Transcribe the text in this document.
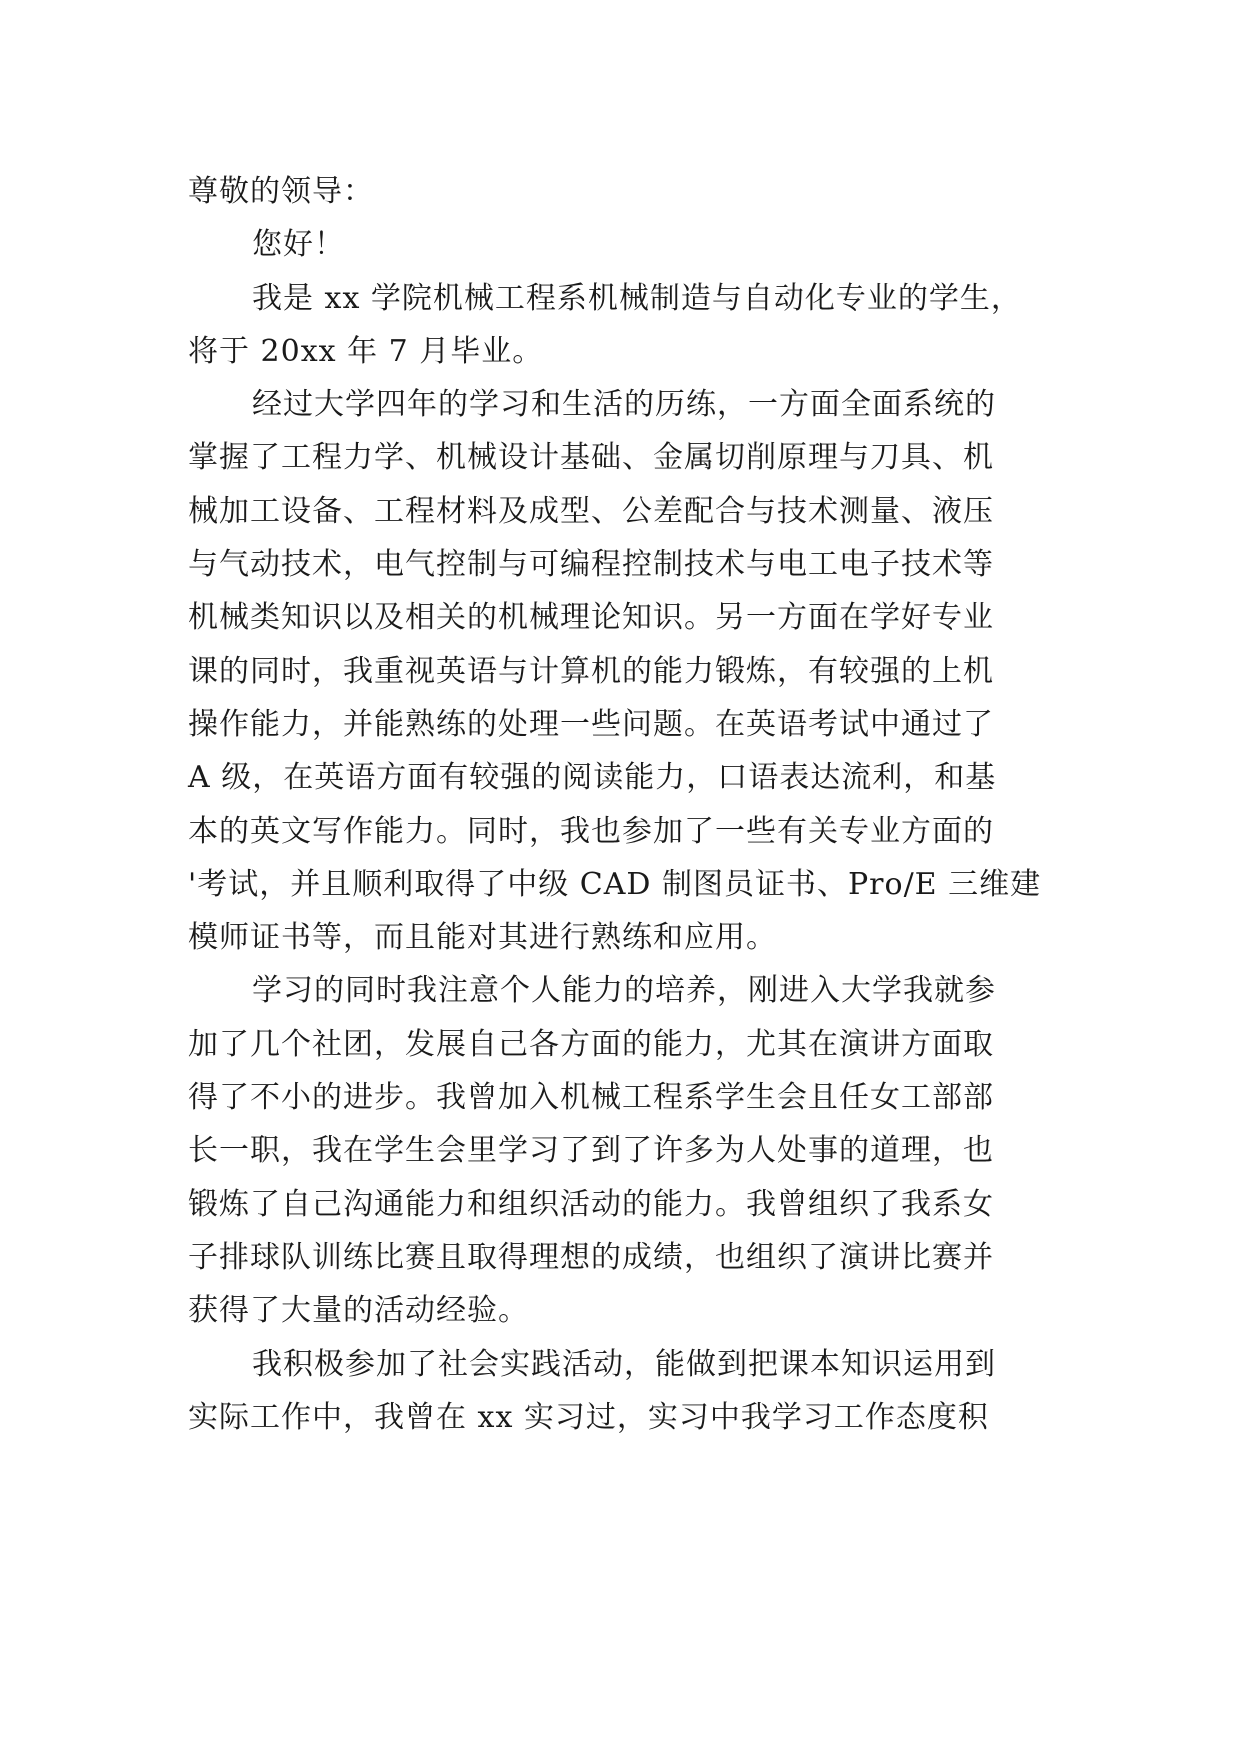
尊敬的领导：
您好！
我是 xx 学院机械工程系机械制造与自动化专业的学生，
将于 20xx 年 7 月毕业。
经过大学四年的学习和生活的历练，一方面全面系统的
掌握了工程力学、机械设计基础、金属切削原理与刀具、机
械加工设备、工程材料及成型、公差配合与技术测量、液压
与气动技术，电气控制与可编程控制技术与电工电子技术等
机械类知识以及相关的机械理论知识。另一方面在学好专业
课的同时，我重视英语与计算机的能力锻炼，有较强的上机
操作能力，并能熟练的处理一些问题。在英语考试中通过了
A 级，在英语方面有较强的阅读能力，口语表达流利，和基
本的英文写作能力。同时，我也参加了一些有关专业方面的
'考试，并且顺利取得了中级 CAD 制图员证书、Pro/E 三维建
模师证书等，而且能对其进行熟练和应用。
学习的同时我注意个人能力的培养，刚进入大学我就参
加了几个社团，发展自己各方面的能力，尤其在演讲方面取
得了不小的进步。我曾加入机械工程系学生会且任女工部部
长一职，我在学生会里学习了到了许多为人处事的道理，也
锻炼了自己沟通能力和组织活动的能力。我曾组织了我系女
子排球队训练比赛且取得理想的成绩，也组织了演讲比赛并
获得了大量的活动经验。
我积极参加了社会实践活动，能做到把课本知识运用到
实际工作中，我曾在 xx 实习过，实习中我学习工作态度积
